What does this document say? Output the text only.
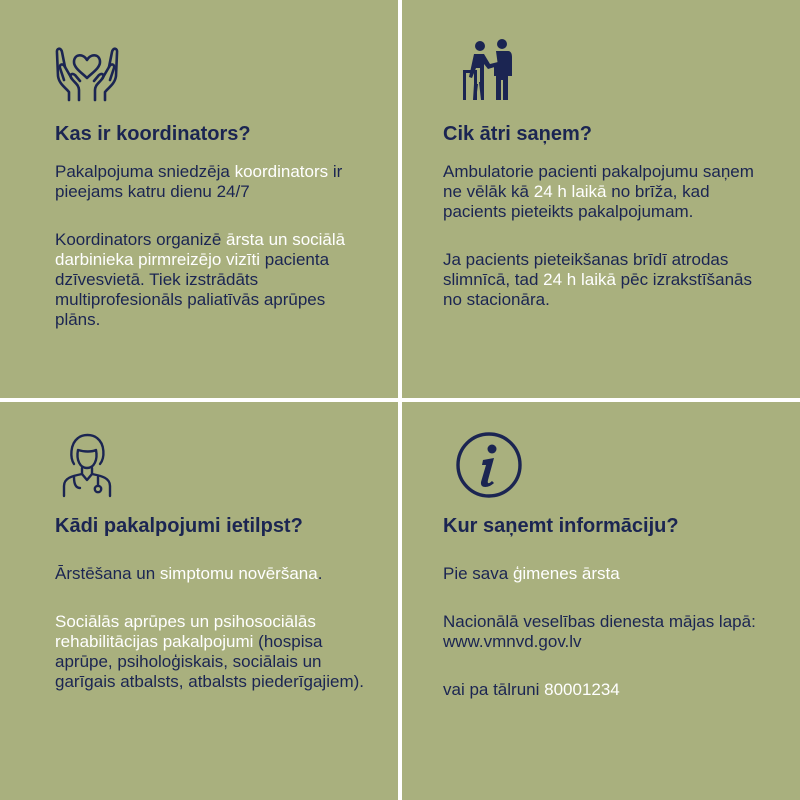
Kas ir koordinators?

Pakalpojuma sniedzēja koordinators ir pieejams katru dienu 24/7

Koordinators organizē ārsta un sociālā darbinieka pirmreizējo vizīti pacienta dzīvesvietā. Tiek izstrādāts multiprofesionāls paliatīvās aprūpes plāns.

Cik ātri saņem?

Ambulatorie pacienti pakalpojumu saņem ne vēlāk kā 24 h laikā no brīža, kad pacients pieteikts pakalpojumam.

Ja pacients pieteikšanas brīdī atrodas slimnīcā, tad 24 h laikā pēc izrakstīšanās no stacionāra.

Kādi pakalpojumi ietilpst?

Ārstēšana un simptomu novēršana.

Sociālās aprūpes un psihosociālās rehabilitācijas pakalpojumi (hospisa aprūpe, psiholoģiskais, sociālais un garīgais atbalsts, atbalsts piederīgajiem).

Kur saņemt informāciju?

Pie sava ģimenes ārsta

Nacionālā veselības dienesta mājas lapā: www.vmnvd.gov.lv

vai pa tālruni 80001234
